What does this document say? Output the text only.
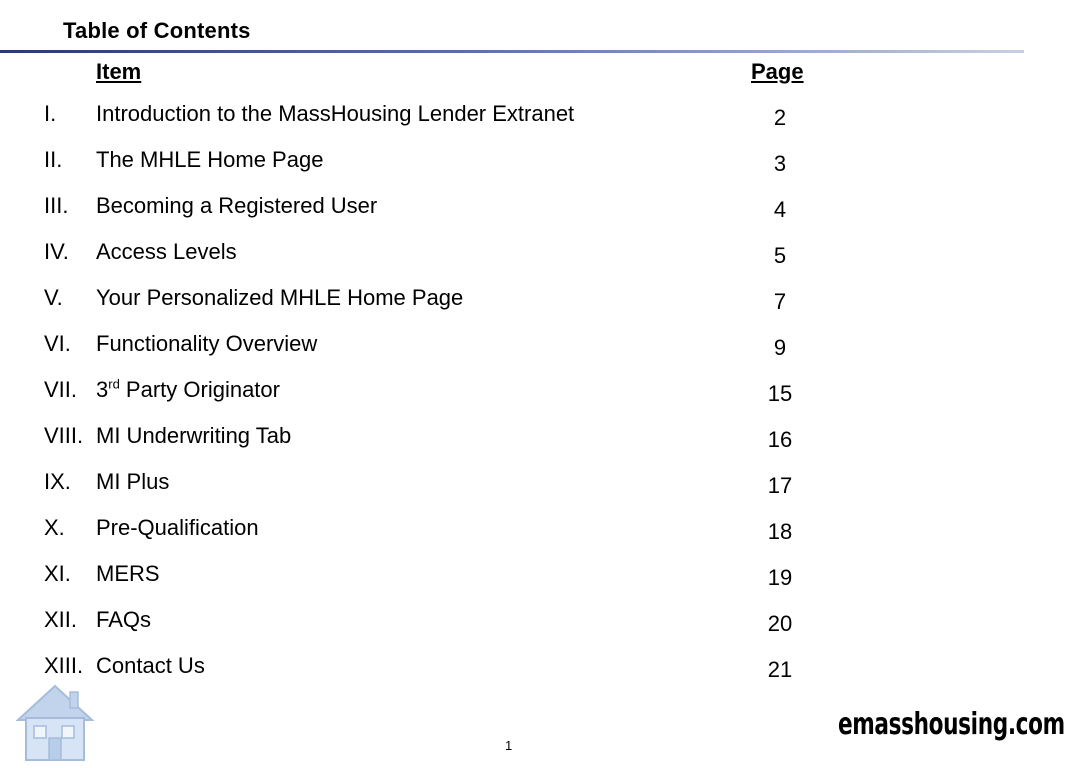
Table of Contents
Item	Page
I. Introduction to the MassHousing Lender Extranet	2
II. The MHLE Home Page	3
III. Becoming a Registered User	4
IV. Access Levels	5
V. Your Personalized MHLE Home Page	7
VI. Functionality Overview	9
VII. 3rd Party Originator	15
VIII. MI Underwriting Tab	16
IX. MI Plus	17
X. Pre-Qualification	18
XI. MERS	19
XII. FAQs	20
XIII. Contact Us	21
1
emasshousing.com
